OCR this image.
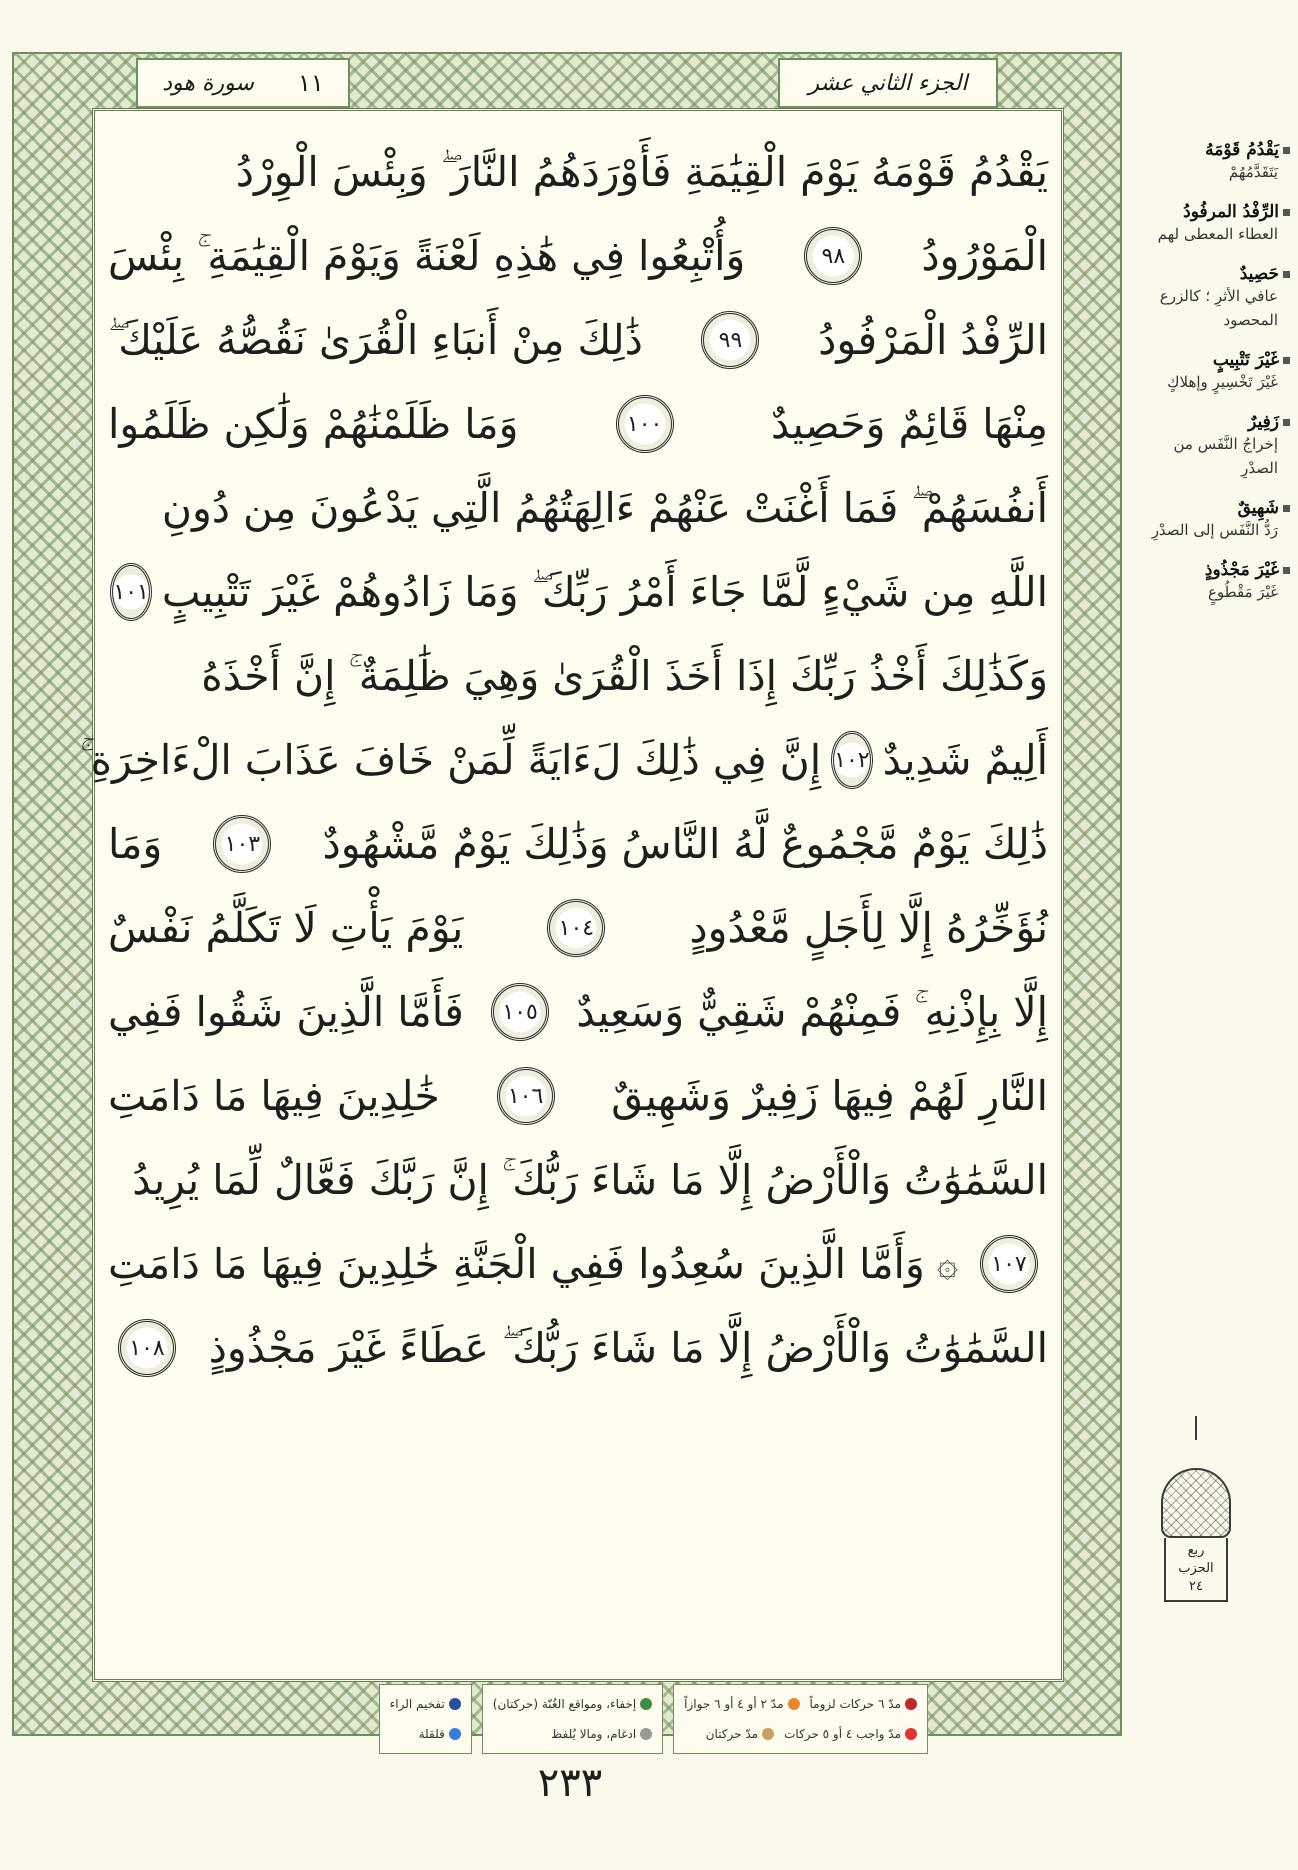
الجزء الثاني عشر
سورة هود ١١
يَقْدُمُ قَوْمَهُ يَوْمَ الْقِيَٰمَةِ فَأَوْرَدَهُمُ النَّارَ ۖ وَبِئْسَ الْوِرْدُ
الْمَوْرُودُ
٩٨
وَأُتْبِعُوا فِي هَٰذِهِ لَعْنَةً وَيَوْمَ الْقِيَٰمَةِ ۚ بِئْسَ
الرِّفْدُ الْمَرْفُودُ
٩٩
ذَٰلِكَ مِنْ أَنبَاءِ الْقُرَىٰ نَقُصُّهُ عَلَيْكَ ۖ
مِنْهَا قَائِمٌ وَحَصِيدٌ
١٠٠
وَمَا ظَلَمْنَٰهُمْ وَلَٰكِن ظَلَمُوا
أَنفُسَهُمْ ۖ فَمَا أَغْنَتْ عَنْهُمْ ءَالِهَتُهُمُ الَّتِي يَدْعُونَ مِن دُونِ
اللَّهِ مِن شَيْءٍ لَّمَّا جَاءَ أَمْرُ رَبِّكَ ۖ وَمَا زَادُوهُمْ غَيْرَ تَتْبِيبٍ
١٠١
وَكَذَٰلِكَ أَخْذُ رَبِّكَ إِذَا أَخَذَ الْقُرَىٰ وَهِيَ ظَٰلِمَةٌ ۚ إِنَّ أَخْذَهُ
أَلِيمٌ شَدِيدٌ
١٠٢
إِنَّ فِي ذَٰلِكَ لَءَايَةً لِّمَنْ خَافَ عَذَابَ الْءَاخِرَةِ ۚ
ذَٰلِكَ يَوْمٌ مَّجْمُوعٌ لَّهُ النَّاسُ وَذَٰلِكَ يَوْمٌ مَّشْهُودٌ
١٠٣
وَمَا
نُؤَخِّرُهُ إِلَّا لِأَجَلٍ مَّعْدُودٍ
١٠٤
يَوْمَ يَأْتِ لَا تَكَلَّمُ نَفْسٌ
إِلَّا بِإِذْنِهِ ۚ فَمِنْهُمْ شَقِيٌّ وَسَعِيدٌ
١٠٥
فَأَمَّا الَّذِينَ شَقُوا فَفِي
النَّارِ لَهُمْ فِيهَا زَفِيرٌ وَشَهِيقٌ
١٠٦
خَٰلِدِينَ فِيهَا مَا دَامَتِ
السَّمَٰوَٰتُ وَالْأَرْضُ إِلَّا مَا شَاءَ رَبُّكَ ۚ إِنَّ رَبَّكَ فَعَّالٌ لِّمَا يُرِيدُ
١٠٧
۞
وَأَمَّا الَّذِينَ سُعِدُوا فَفِي الْجَنَّةِ خَٰلِدِينَ فِيهَا مَا دَامَتِ
السَّمَٰوَٰتُ وَالْأَرْضُ إِلَّا مَا شَاءَ رَبُّكَ ۖ عَطَاءً غَيْرَ مَجْذُوذٍ
١٠٨
يَقْدُمُ قَوْمَهُ
يَتَقَدَّمُهُمْ
الرِّفْدُ المرفُودُ
العطاء المعطى لهم
حَصِيدٌ
عافي الأثرِ ؛ كالزرع المحصود
غَيْرَ تَتْبِيبٍ
غَيْرَ تَخْسِيرٍ وإهلاكٍ
زَفِيرٌ
إخراجُ النَّفَس من الصدْرِ
شَهِيقٌ
رَدُّ النَّفَس إلى الصدْرِ
غَيْرَ مَجْذُوذٍ
غَيْرَ مَقْطُوعٍ
ربع
الحزب
٢٤
مدّ ٦ حركات لزوماً
مدّ ٢ أو ٤ أو ٦ جوازاً
مدّ واجب ٤ أو ٥ حركات
مدّ حركتان
إخفاء، ومواقع الغُنّة (حركتان)
ادغام، ومالا يُلفظ
تفخيم الراء
قلقلة
٢٣٣
